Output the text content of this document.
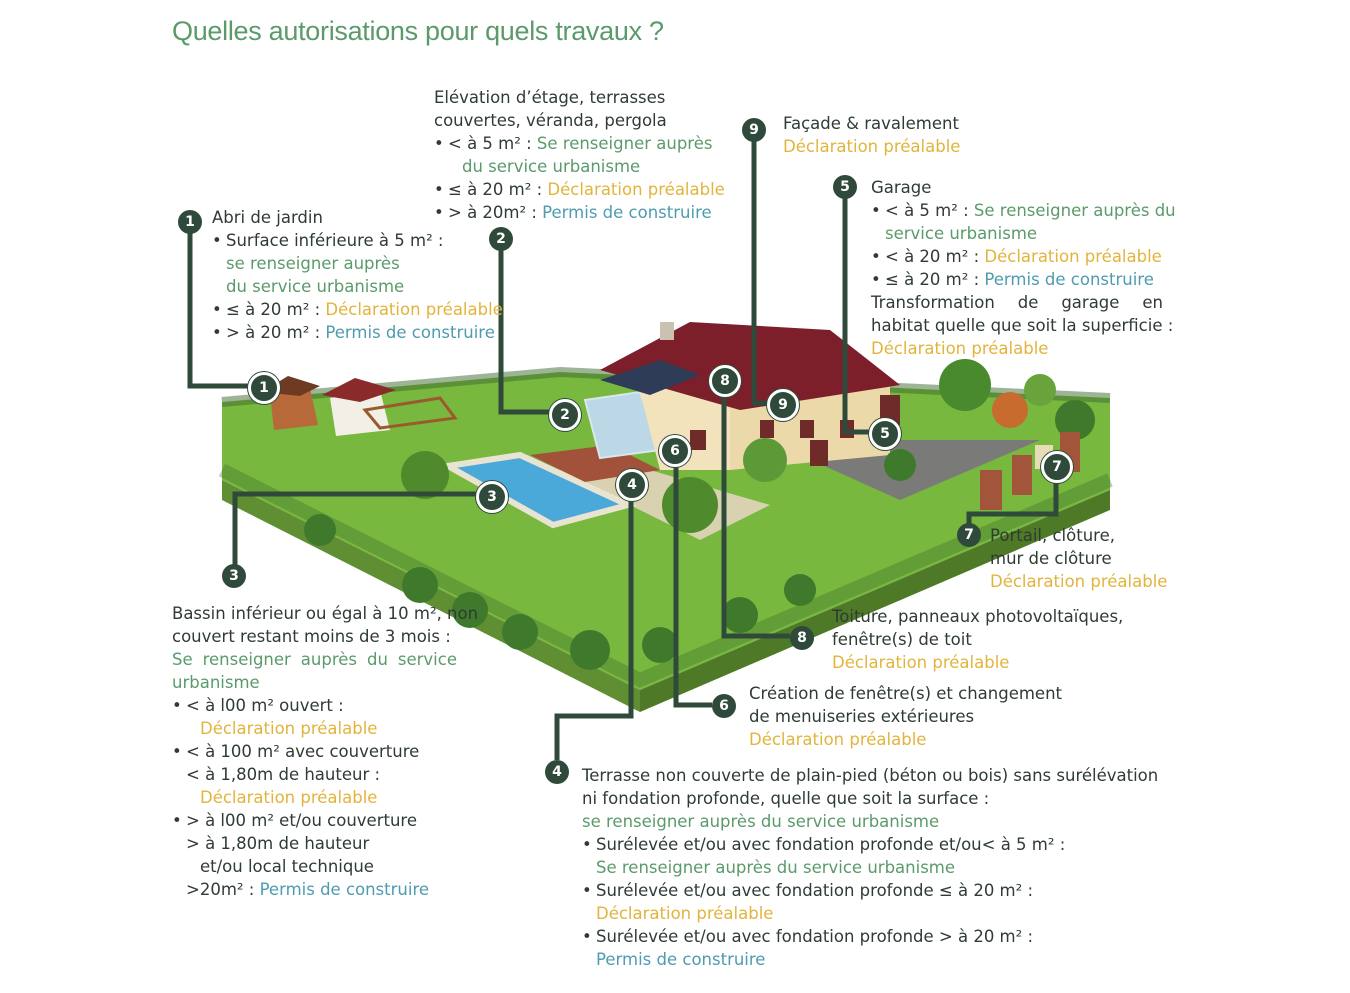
1
2
3
4
5
6
7
8
9
Quelles autorisations pour quels travaux ?
1	Abri de jardin
• Surface inférieure à 5 m² :
se renseigner auprès
du service urbanisme
• ≤ à 20 m² : Déclaration préalable
• > à 20 m² : Permis de construire
Elévation d’étage, terrasses
couvertes, véranda, pergola
• < à 5 m² : Se renseigner auprès
du service urbanisme
• ≤ à 20 m² : Déclaration préalable
• > à 20m² : Permis de construire
2
3
Bassin inférieur ou égal à 10 m², non
couvert restant moins de 3 mois :
Se renseigner auprès du service
urbanisme
• < à l00 m² ouvert :
Déclaration préalable
• < à 100 m² avec couverture
< à 1,80m de hauteur :
Déclaration préalable
• > à l00 m² et/ou couverture
> à 1,80m de hauteur
et/ou local technique
>20m² : Permis de construire
4	Terrasse non couverte de plain-pied (béton ou bois) sans surélévation
ni fondation profonde, quelle que soit la surface :
se renseigner auprès du service urbanisme
• Surélevée et/ou avec fondation profonde et/ou< à 5 m² :
Se renseigner auprès du service urbanisme
• Surélevée et/ou avec fondation profonde ≤ à 20 m² :
Déclaration préalable
• Surélevée et/ou avec fondation profonde > à 20 m² :
Permis de construire
5	Garage
• < à 5 m² : Se renseigner auprès du
service urbanisme
• < à 20 m² : Déclaration préalable
• ≤ à 20 m² : Permis de construire
Transformation de garage en
habitat quelle que soit la superficie :
Déclaration préalable
6
Création de fenêtre(s) et changement
de menuiseries extérieures
Déclaration préalable
7 Portail, clôture,
mur de clôture
Déclaration préalable
8
Toiture, panneaux photovoltaïques,
fenêtre(s) de toit
Déclaration préalable
9	Façade & ravalement
Déclaration préalable
